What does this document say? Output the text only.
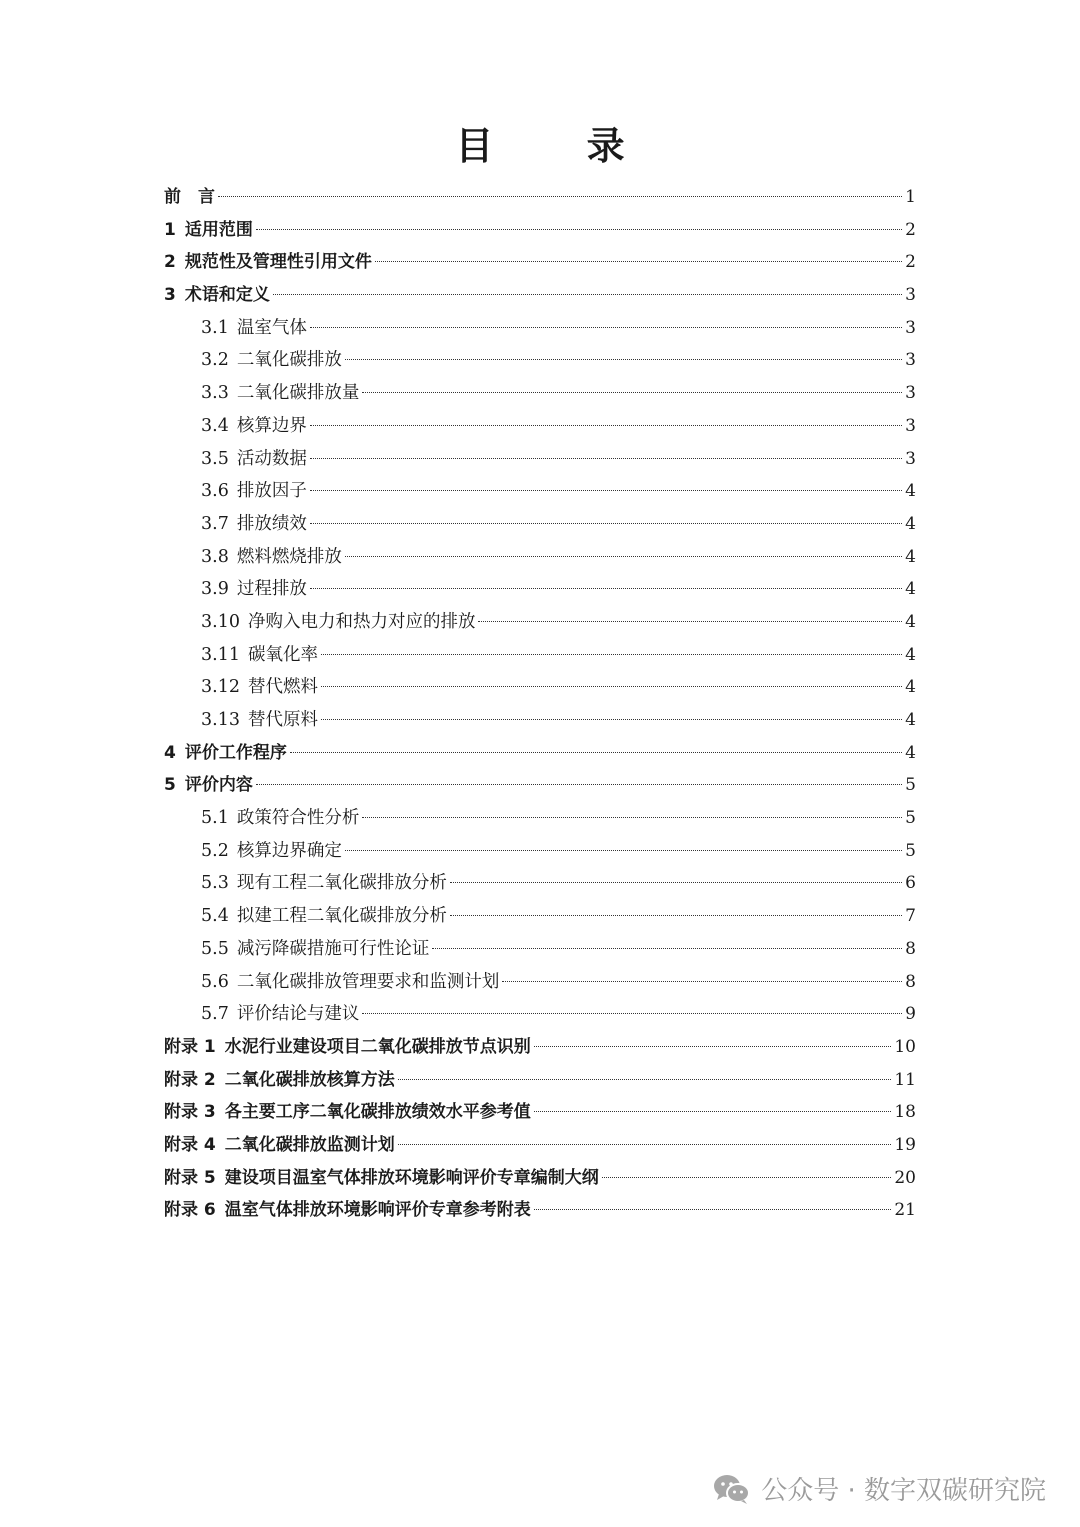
目 录
前　言	1
1 适用范围	2
2 规范性及管理性引用文件	2
3 术语和定义	3
3.1 温室气体	3
3.2 二氧化碳排放	3
3.3 二氧化碳排放量	3
3.4 核算边界	3
3.5 活动数据	3
3.6 排放因子	4
3.7 排放绩效	4
3.8 燃料燃烧排放	4
3.9 过程排放	4
3.10 净购入电力和热力对应的排放	4
3.11 碳氧化率	4
3.12 替代燃料	4
3.13 替代原料	4
4 评价工作程序	4
5 评价内容	5
5.1 政策符合性分析	5
5.2 核算边界确定	5
5.3 现有工程二氧化碳排放分析	6
5.4 拟建工程二氧化碳排放分析	7
5.5 减污降碳措施可行性论证	8
5.6 二氧化碳排放管理要求和监测计划	8
5.7 评价结论与建议	9
附录 1 水泥行业建设项目二氧化碳排放节点识别	10
附录 2 二氧化碳排放核算方法	11
附录 3 各主要工序二氧化碳排放绩效水平参考值	18
附录 4 二氧化碳排放监测计划	19
附录 5 建设项目温室气体排放环境影响评价专章编制大纲	20
附录 6 温室气体排放环境影响评价专章参考附表	21
公众号 · 数字双碳研究院
